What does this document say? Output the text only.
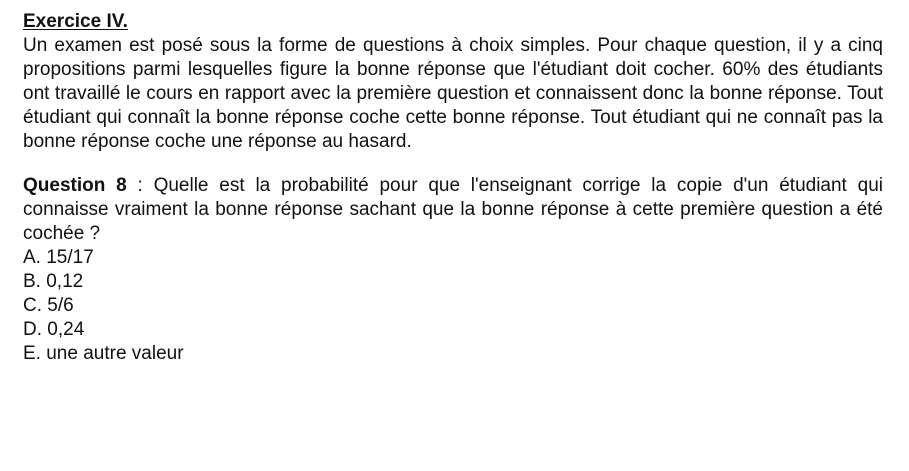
Exercice IV.

Un examen est posé sous la forme de questions à choix simples. Pour chaque question, il y a cinq propositions parmi lesquelles figure la bonne réponse que l'étudiant doit cocher. 60% des étudiants ont travaillé le cours en rapport avec la première question et connaissent donc la bonne réponse. Tout étudiant qui connaît la bonne réponse coche cette bonne réponse. Tout étudiant qui ne connaît pas la bonne réponse coche une réponse au hasard.

Question 8 : Quelle est la probabilité pour que l'enseignant corrige la copie d'un étudiant qui connaisse vraiment la bonne réponse sachant que la bonne réponse à cette première question a été cochée ?

A. 15/17
B. 0,12
C. 5/6
D. 0,24
E. une autre valeur
